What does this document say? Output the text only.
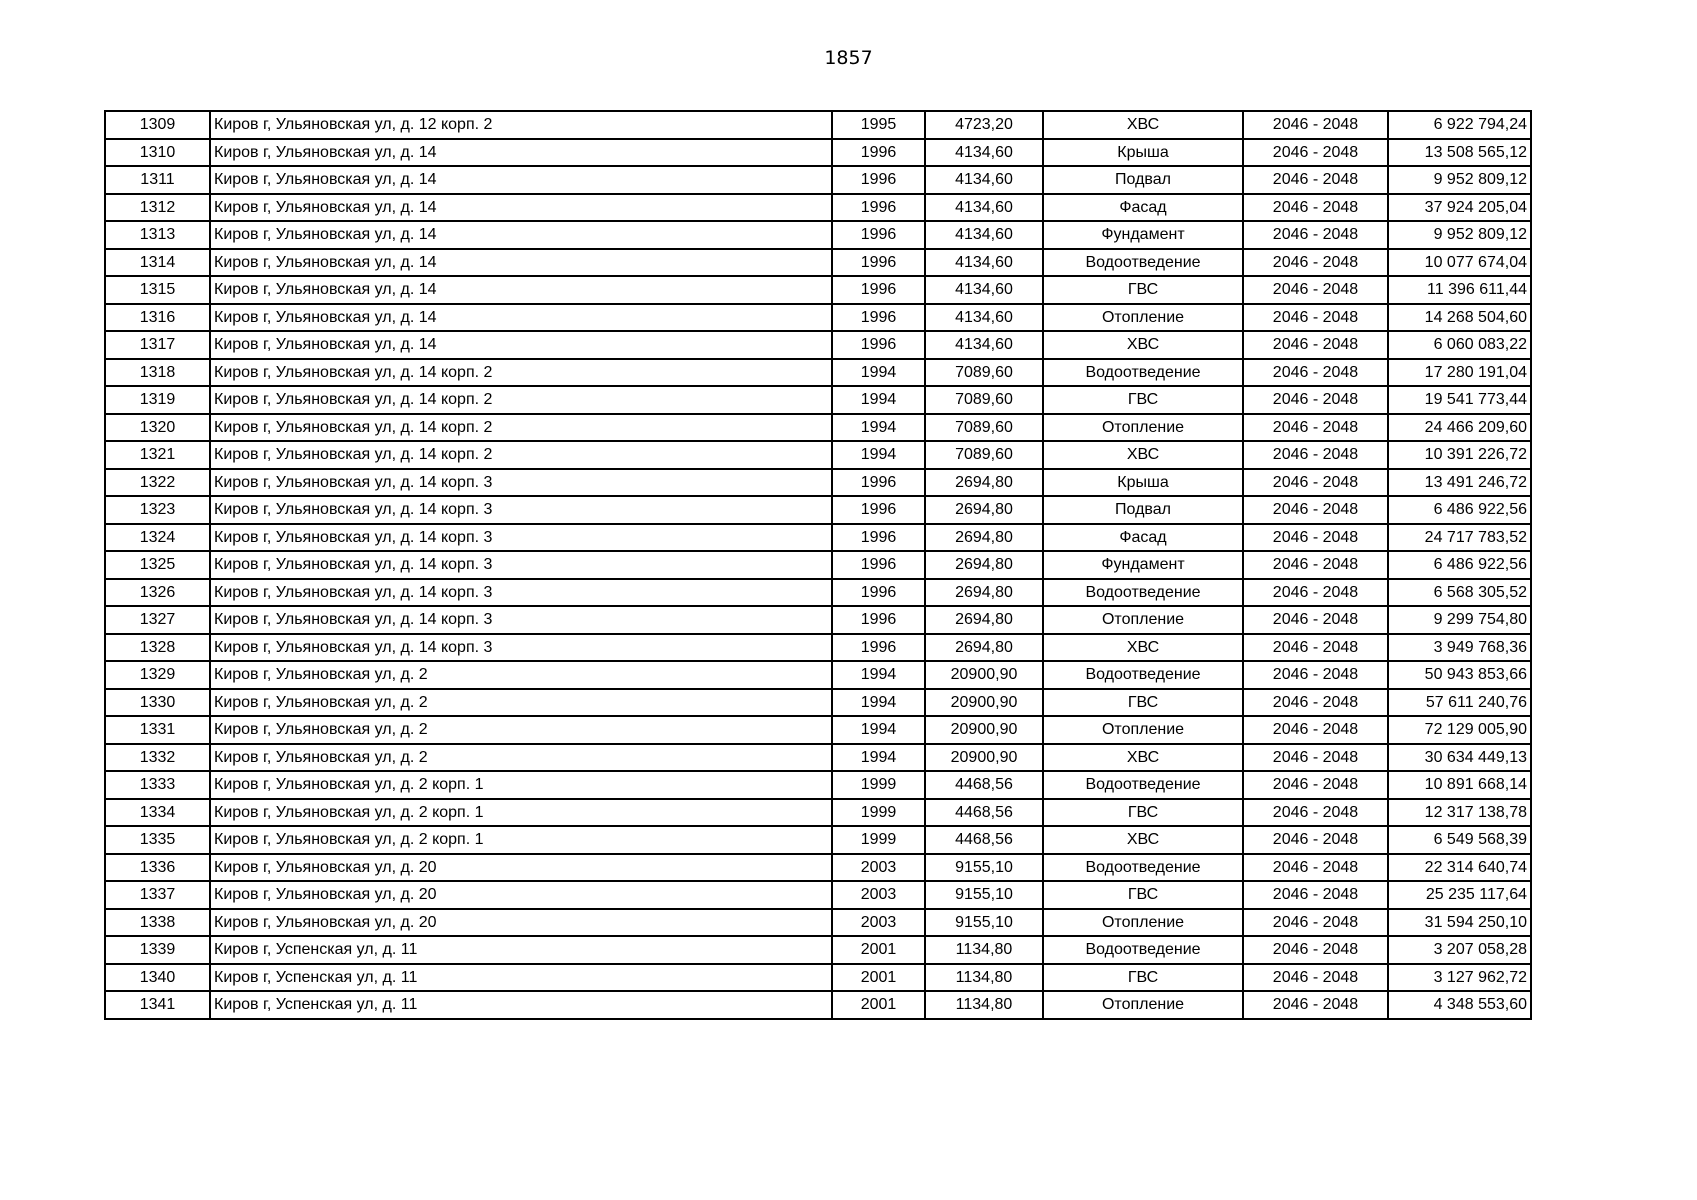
1857
1309	Киров г, Ульяновская ул, д. 12 корп. 2	1995	4723,20	ХВС	2046 - 2048	6 922 794,24
1310	Киров г, Ульяновская ул, д. 14	1996	4134,60	Крыша	2046 - 2048	13 508 565,12
1311	Киров г, Ульяновская ул, д. 14	1996	4134,60	Подвал	2046 - 2048	9 952 809,12
1312	Киров г, Ульяновская ул, д. 14	1996	4134,60	Фасад	2046 - 2048	37 924 205,04
1313	Киров г, Ульяновская ул, д. 14	1996	4134,60	Фундамент	2046 - 2048	9 952 809,12
1314	Киров г, Ульяновская ул, д. 14	1996	4134,60	Водоотведение	2046 - 2048	10 077 674,04
1315	Киров г, Ульяновская ул, д. 14	1996	4134,60	ГВС	2046 - 2048	11 396 611,44
1316	Киров г, Ульяновская ул, д. 14	1996	4134,60	Отопление	2046 - 2048	14 268 504,60
1317	Киров г, Ульяновская ул, д. 14	1996	4134,60	ХВС	2046 - 2048	6 060 083,22
1318	Киров г, Ульяновская ул, д. 14 корп. 2	1994	7089,60	Водоотведение	2046 - 2048	17 280 191,04
1319	Киров г, Ульяновская ул, д. 14 корп. 2	1994	7089,60	ГВС	2046 - 2048	19 541 773,44
1320	Киров г, Ульяновская ул, д. 14 корп. 2	1994	7089,60	Отопление	2046 - 2048	24 466 209,60
1321	Киров г, Ульяновская ул, д. 14 корп. 2	1994	7089,60	ХВС	2046 - 2048	10 391 226,72
1322	Киров г, Ульяновская ул, д. 14 корп. 3	1996	2694,80	Крыша	2046 - 2048	13 491 246,72
1323	Киров г, Ульяновская ул, д. 14 корп. 3	1996	2694,80	Подвал	2046 - 2048	6 486 922,56
1324	Киров г, Ульяновская ул, д. 14 корп. 3	1996	2694,80	Фасад	2046 - 2048	24 717 783,52
1325	Киров г, Ульяновская ул, д. 14 корп. 3	1996	2694,80	Фундамент	2046 - 2048	6 486 922,56
1326	Киров г, Ульяновская ул, д. 14 корп. 3	1996	2694,80	Водоотведение	2046 - 2048	6 568 305,52
1327	Киров г, Ульяновская ул, д. 14 корп. 3	1996	2694,80	Отопление	2046 - 2048	9 299 754,80
1328	Киров г, Ульяновская ул, д. 14 корп. 3	1996	2694,80	ХВС	2046 - 2048	3 949 768,36
1329	Киров г, Ульяновская ул, д. 2	1994	20900,90	Водоотведение	2046 - 2048	50 943 853,66
1330	Киров г, Ульяновская ул, д. 2	1994	20900,90	ГВС	2046 - 2048	57 611 240,76
1331	Киров г, Ульяновская ул, д. 2	1994	20900,90	Отопление	2046 - 2048	72 129 005,90
1332	Киров г, Ульяновская ул, д. 2	1994	20900,90	ХВС	2046 - 2048	30 634 449,13
1333	Киров г, Ульяновская ул, д. 2 корп. 1	1999	4468,56	Водоотведение	2046 - 2048	10 891 668,14
1334	Киров г, Ульяновская ул, д. 2 корп. 1	1999	4468,56	ГВС	2046 - 2048	12 317 138,78
1335	Киров г, Ульяновская ул, д. 2 корп. 1	1999	4468,56	ХВС	2046 - 2048	6 549 568,39
1336	Киров г, Ульяновская ул, д. 20	2003	9155,10	Водоотведение	2046 - 2048	22 314 640,74
1337	Киров г, Ульяновская ул, д. 20	2003	9155,10	ГВС	2046 - 2048	25 235 117,64
1338	Киров г, Ульяновская ул, д. 20	2003	9155,10	Отопление	2046 - 2048	31 594 250,10
1339	Киров г, Успенская ул, д. 11	2001	1134,80	Водоотведение	2046 - 2048	3 207 058,28
1340	Киров г, Успенская ул, д. 11	2001	1134,80	ГВС	2046 - 2048	3 127 962,72
1341	Киров г, Успенская ул, д. 11	2001	1134,80	Отопление	2046 - 2048	4 348 553,60
